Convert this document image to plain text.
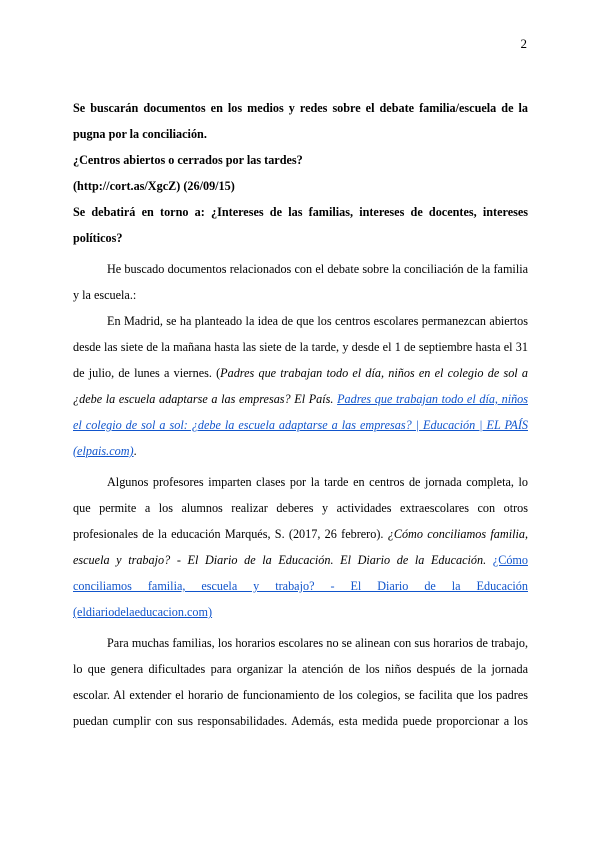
2
Se buscarán documentos en los medios y redes sobre el debate familia/escuela de la
pugna por la conciliación.
¿Centros abiertos o cerrados por las tardes?
(http://cort.as/XgcZ) (26/09/15)
Se debatirá en torno a: ¿Intereses de las familias, intereses de docentes, intereses
políticos?
He buscado documentos relacionados con el debate sobre la conciliación de la familia
y la escuela.:
En Madrid, se ha planteado la idea de que los centros escolares permanezcan abiertos
desde las siete de la mañana hasta las siete de la tarde, y desde el 1 de septiembre hasta el 31
de julio, de lunes a viernes. (Padres que trabajan todo el día, niños en el colegio de sol a
¿debe la escuela adaptarse a las empresas? El País. Padres que trabajan todo el día, niños
el colegio de sol a sol: ¿debe la escuela adaptarse a las empresas? | Educación | EL PAÍS
(elpais.com).
Algunos profesores imparten clases por la tarde en centros de jornada completa, lo
que permite a los alumnos realizar deberes y actividades extraescolares con otros
profesionales de la educación Marqués, S. (2017, 26 febrero). ¿Cómo conciliamos familia,
escuela y trabajo? - El Diario de la Educación. El Diario de la Educación. ¿Cómo
conciliamos familia, escuela y trabajo? - El Diario de la Educación
(eldiariodelaeducacion.com)
Para muchas familias, los horarios escolares no se alinean con sus horarios de trabajo,
lo que genera dificultades para organizar la atención de los niños después de la jornada
escolar. Al extender el horario de funcionamiento de los colegios, se facilita que los padres
puedan cumplir con sus responsabilidades. Además, esta medida puede proporcionar a los
